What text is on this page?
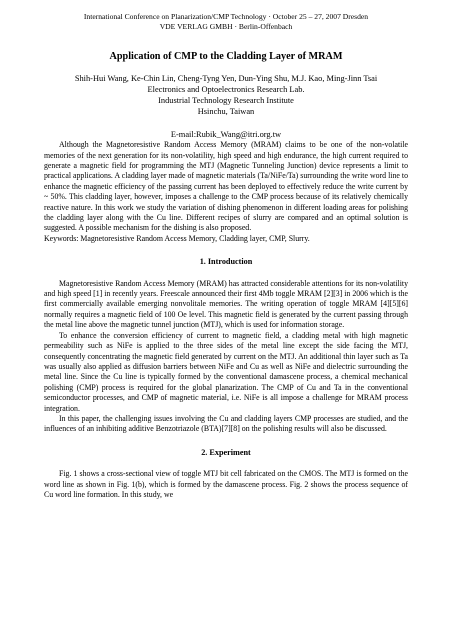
International Conference on Planarization/CMP Technology · October 25 – 27, 2007 Dresden

VDE VERLAG GMBH · Berlin-Offenbach

Application of CMP to the Cladding Layer of MRAM

Shih-Hui Wang, Ke-Chin Lin, Cheng-Tyng Yen, Dun-Ying Shu, M.J. Kao, Ming-Jinn Tsai

Electronics and Optoelectronics Research Lab.

Industrial Technology Research Institute

Hsinchu, Taiwan

E-mail:Rubik_Wang@itri.org.tw

Although the Magnetoresistive Random Access Memory (MRAM) claims to be one of the non-volatile memories of the next generation for its non-volatility, high speed and high endurance, the high current required to generate a magnetic field for programming the MTJ (Magnetic Tunneling Junction) device represents a limit to practical applications. A cladding layer made of magnetic materials (Ta/NiFe/Ta) surrounding the write word line to enhance the magnetic efficiency of the passing current has been deployed to effectively reduce the write current by ~ 50%. This cladding layer, however, imposes a challenge to the CMP process because of its relatively chemically reactive nature. In this work we study the variation of dishing phenomenon in different loading areas for polishing the cladding layer along with the Cu line. Different recipes of slurry are compared and an optimal solution is suggested. A possible mechanism for the dishing is also proposed.

Keywords: Magnetoresistive Random Access Memory, Cladding layer, CMP, Slurry.

1. Introduction

Magnetoresistive Random Access Memory (MRAM) has attracted considerable attentions for its non-volatility and high speed [1] in recently years. Freescale announced their first 4Mb toggle MRAM [2][3] in 2006 which is the first commercially available emerging nonvolitale memories. The writing operation of toggle MRAM [4][5][6] normally requires a magnetic field of 100 Oe level. This magnetic field is generated by the current passing through the metal line above the magnetic tunnel junction (MTJ), which is used for information storage.

To enhance the conversion efficiency of current to magnetic field, a cladding metal with high magnetic permeability such as NiFe is applied to the three sides of the metal line except the side facing the MTJ, consequently concentrating the magnetic field generated by current on the MTJ. An additional thin layer such as Ta was usually also applied as diffusion barriers between NiFe and Cu as well as NiFe and dielectric surrounding the metal line. Since the Cu line is typically formed by the conventional damascene process, a chemical mechanical polishing (CMP) process is required for the global planarization. The CMP of Cu and Ta in the conventional semiconductor processes, and CMP of magnetic material, i.e. NiFe is all impose a challenge for MRAM process integration.

In this paper, the challenging issues involving the Cu and cladding layers CMP processes are studied, and the influences of an inhibiting additive Benzotriazole (BTA)[7][8] on the polishing results will also be discussed.

2. Experiment

Fig. 1 shows a cross-sectional view of toggle MTJ bit cell fabricated on the CMOS. The MTJ is formed on the word line as shown in Fig. 1(b), which is formed by the damascene process. Fig. 2 shows the process sequence of Cu word line formation. In this study, we
